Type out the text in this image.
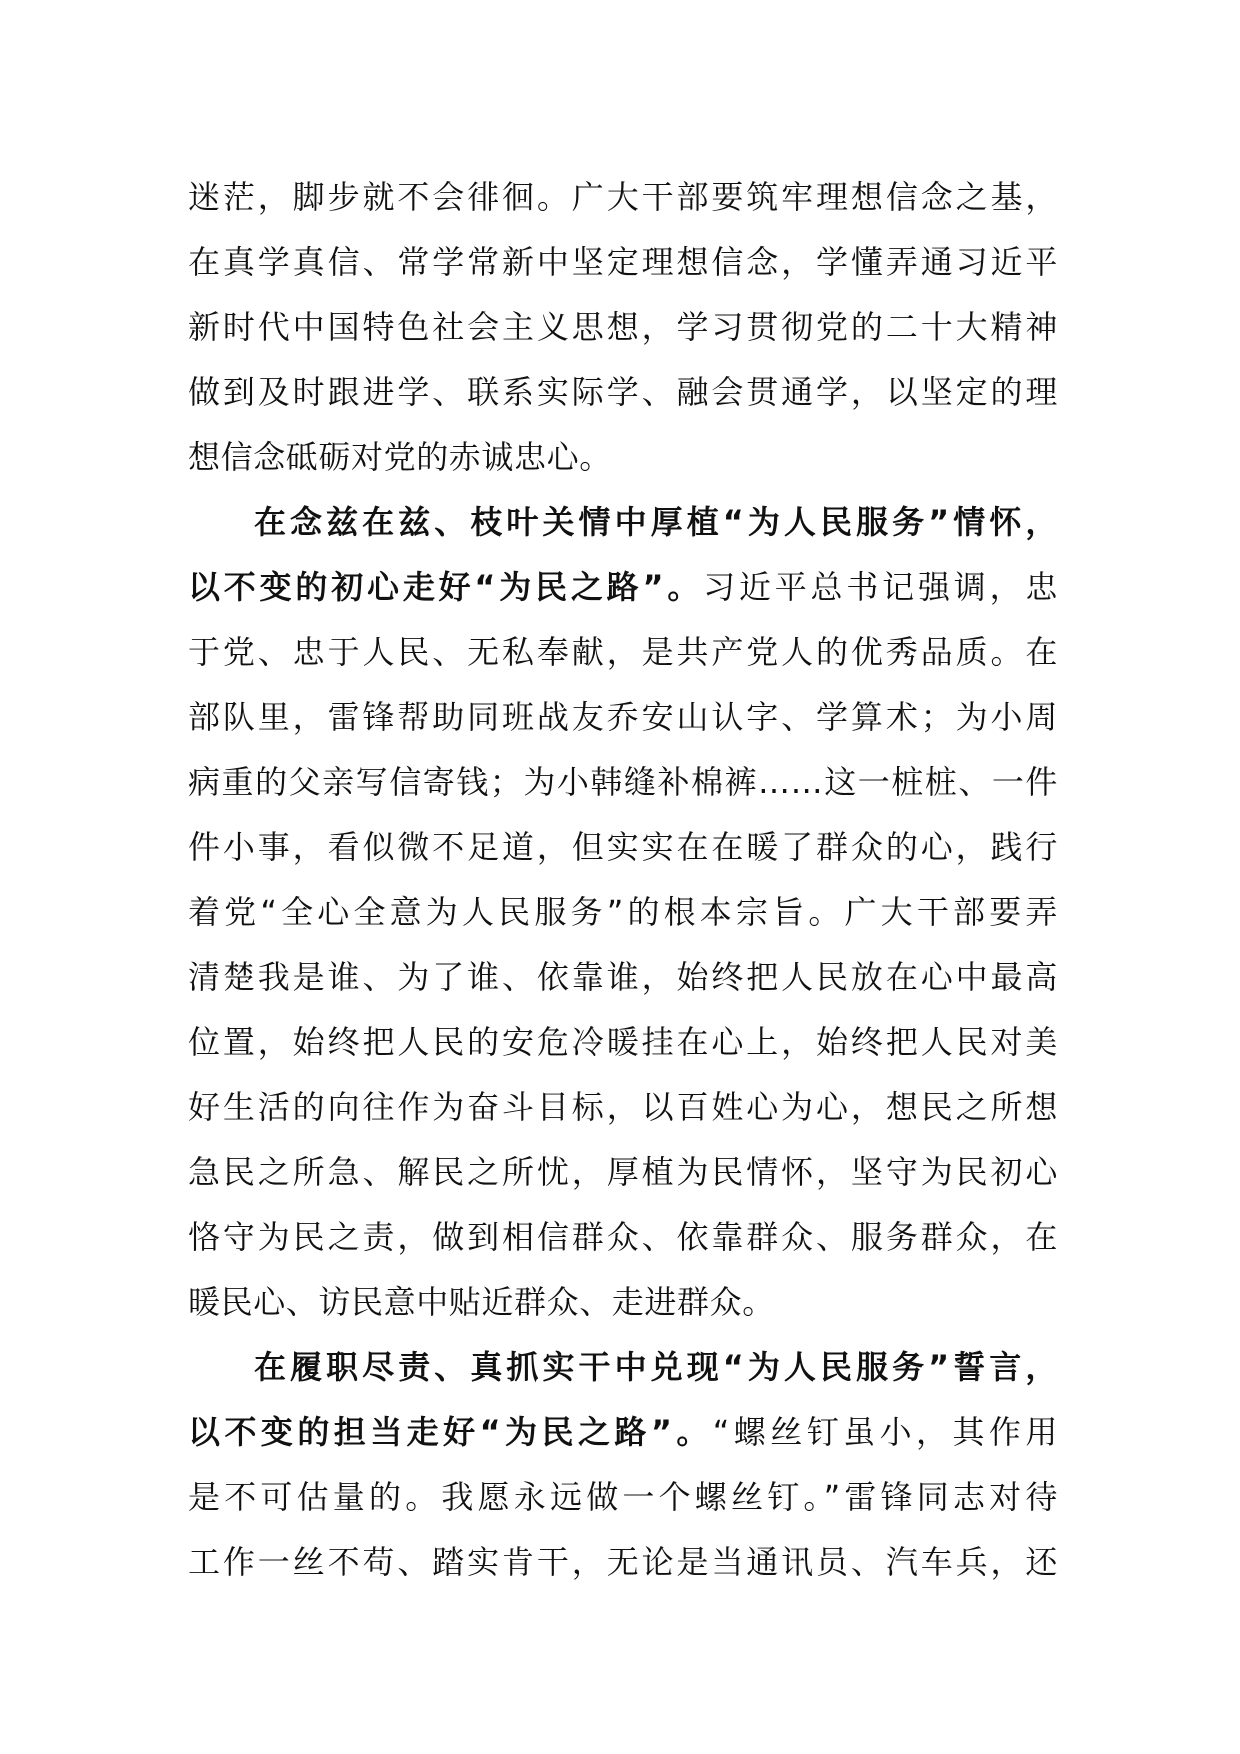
迷茫，脚步就不会徘徊。广大干部要筑牢理想信念之基，
在真学真信、常学常新中坚定理想信念，学懂弄通习近平
新时代中国特色社会主义思想，学习贯彻党的二十大精神
做到及时跟进学、联系实际学、融会贯通学，以坚定的理
想信念砥砺对党的赤诚忠心。
在念兹在兹、枝叶关情中厚植“为人民服务”情怀，
以不变的初心走好“为民之路”。习近平总书记强调，忠
于党、忠于人民、无私奉献，是共产党人的优秀品质。在
部队里，雷锋帮助同班战友乔安山认字、学算术；为小周
病重的父亲写信寄钱；为小韩缝补棉裤……这一桩桩、一件
件小事，看似微不足道，但实实在在暖了群众的心，践行
着党“全心全意为人民服务”的根本宗旨。广大干部要弄
清楚我是谁、为了谁、依靠谁，始终把人民放在心中最高
位置，始终把人民的安危冷暖挂在心上，始终把人民对美
好生活的向往作为奋斗目标，以百姓心为心，想民之所想
急民之所急、解民之所忧，厚植为民情怀，坚守为民初心
恪守为民之责，做到相信群众、依靠群众、服务群众，在
暖民心、访民意中贴近群众、走进群众。
在履职尽责、真抓实干中兑现“为人民服务”誓言，
以不变的担当走好“为民之路”。“螺丝钉虽小，其作用
是不可估量的。我愿永远做一个螺丝钉。”雷锋同志对待
工作一丝不苟、踏实肯干，无论是当通讯员、汽车兵，还
